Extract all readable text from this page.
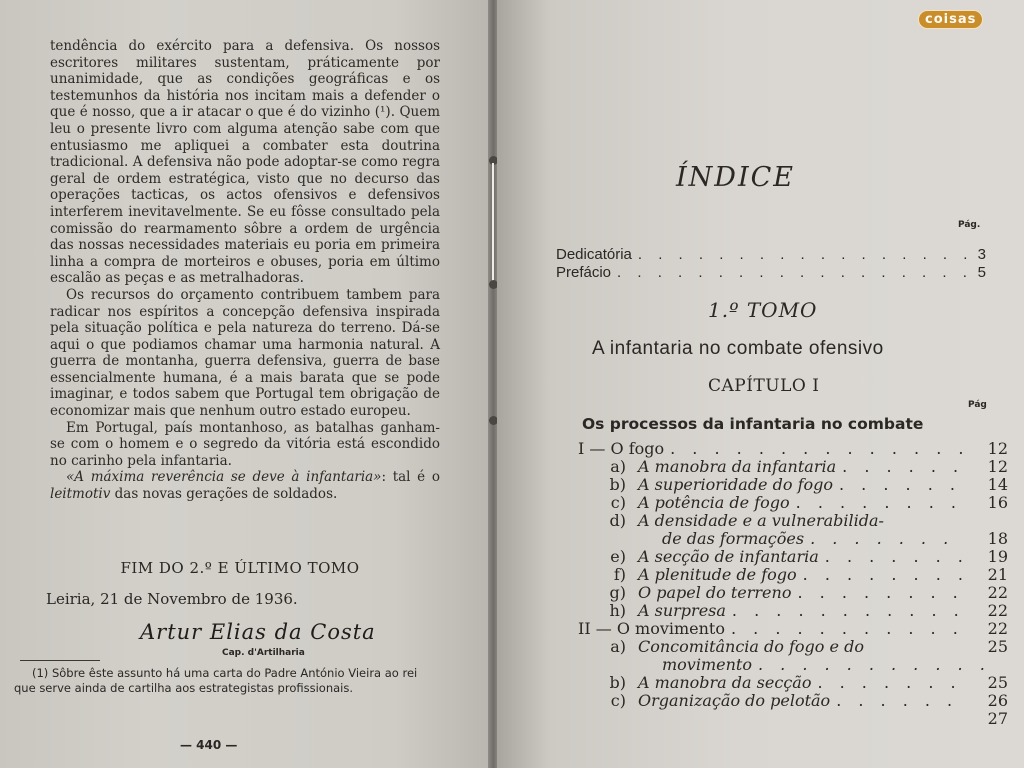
tendência do exército para a defensiva. Os nossos escritores militares sustentam, práticamente por unanimidade, que as condições geográficas e os testemunhos da história nos incitam mais a defender o que é nosso, que a ir atacar o que é do vizinho (¹). Quem leu o presente livro com alguma atenção sabe com que entusiasmo me apliquei a combater esta doutrina tradicional. A defensiva não pode adoptar-se como regra geral de ordem estratégica, visto que no decurso das operações tacticas, os actos ofensivos e defensivos interferem inevitavelmente. Se eu fôsse consultado pela comissão do rearmamento sôbre a ordem de urgência das nossas necessidades materiais eu poria em primeira linha a compra de morteiros e obuses, poria em último escalão as peças e as metralhadoras.

Os recursos do orçamento contribuem tambem para radicar nos espíritos a concepção defensiva inspirada pela situação política e pela natureza do terreno. Dá-se aqui o que podiamos chamar uma harmonia natural. A guerra de montanha, guerra defensiva, guerra de base essencialmente humana, é a mais barata que se pode imaginar, e todos sabem que Portugal tem obrigação de economizar mais que nenhum outro estado europeu.

Em Portugal, país montanhoso, as batalhas ganham-se com o homem e o segredo da vitória está escondido no carinho pela infantaria.

«A máxima reverência se deve à infantaria»: tal é o leitmotiv das novas gerações de soldados.

FIM DO 2.º E ÚLTIMO TOMO
Leiria, 21 de Novembro de 1936.
Artur Elias da Costa
Cap. d'Artilharia
(1) Sôbre êste assunto há uma carta do Padre António Vieira ao rei que serve ainda de cartilha aos estrategistas profissionais.
— 440 —
ÍNDICE
Pág.
Dedicatória . . .	3
Prefácio . . .	5
1.º TOMO
A infantaria no combate ofensivo
CAPÍTULO I
Pág
Os processos da infantaria no combate
I — O fogo . . .	12
a) A manobra da infantaria . . .	12
b) A superioridade do fogo . . .	14
c) A potência de fogo . . .	16
d) A densidade e a vulnerabilida-
de das formações . . .	18
e) A secção de infantaria . . .	19
f) A plenitude de fogo . . .	21
g) O papel do terreno . . .	22
h) A surpresa . . .	22
II — O movimento . . .	22
a) Concomitância do fogo e do	25
movimento
. . .
b) A manobra da secção . . .	25
c) Organização do pelotão . . .	26
27
coisas
